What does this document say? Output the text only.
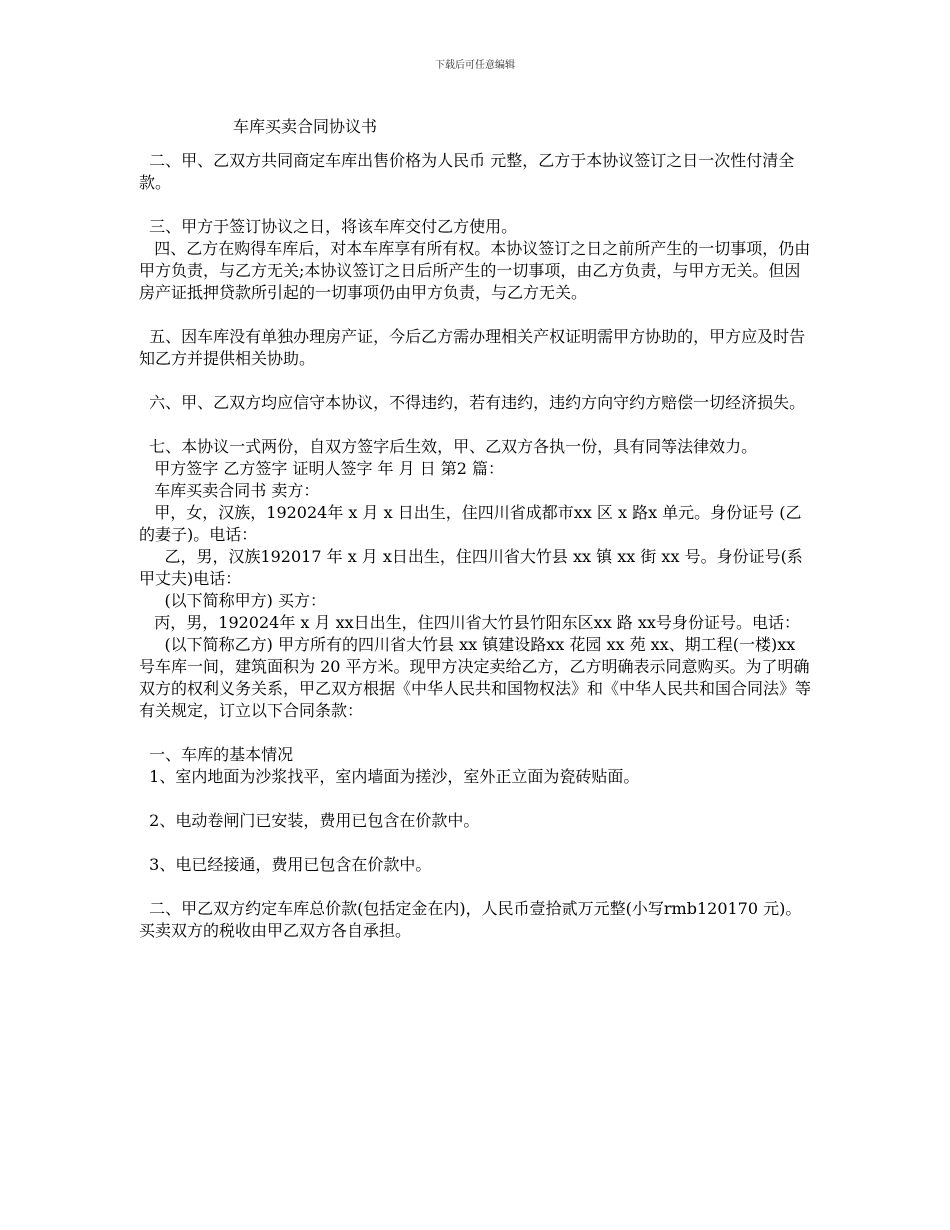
下载后可任意编辑
车库买卖合同协议书

二、甲、乙双方共同商定车库出售价格为人民币 元整，乙方于本协议签订之日一次性付清全款。

三、甲方于签订协议之日，将该车库交付乙方使用。

四、乙方在购得车库后，对本车库享有所有权。本协议签订之日之前所产生的一切事项，仍由甲方负责，与乙方无关;本协议签订之日后所产生的一切事项，由乙方负责，与甲方无关。但因房产证抵押贷款所引起的一切事项仍由甲方负责，与乙方无关。

五、因车库没有单独办理房产证，今后乙方需办理相关产权证明需甲方协助的，甲方应及时告知乙方并提供相关协助。

六、甲、乙双方均应信守本协议，不得违约，若有违约，违约方向守约方赔偿一切经济损失。

七、本协议一式两份，自双方签字后生效，甲、乙双方各执一份，具有同等法律效力。

甲方签字 乙方签字 证明人签字 年 月 日 第2 篇：

车库买卖合同书 卖方：

甲，女，汉族，192024年 x 月 x 日出生，住四川省成都市xx 区 x 路x 单元。身份证号 (乙的妻子)。电话：

乙，男，汉族192017 年 x 月 x日出生，住四川省大竹县 xx 镇 xx 街 xx 号。身份证号(系甲丈夫)电话：

(以下简称甲方) 买方：

丙，男，192024年 x 月 xx日出生，住四川省大竹县竹阳东区xx 路 xx号身份证号。电话：

(以下简称乙方) 甲方所有的四川省大竹县 xx 镇建设路xx 花园 xx 苑 xx、期工程(一楼)xx 号车库一间，建筑面积为 20 平方米。现甲方决定卖给乙方，乙方明确表示同意购买。为了明确双方的权利义务关系，甲乙双方根据《中华人民共和国物权法》和《中华人民共和国合同法》等有关规定，订立以下合同条款：

一、车库的基本情况

1、室内地面为沙浆找平，室内墙面为搓沙，室外正立面为瓷砖贴面。

2、电动卷闸门已安装，费用已包含在价款中。

3、电已经接通，费用已包含在价款中。

二、甲乙双方约定车库总价款(包括定金在内)，人民币壹拾贰万元整(小写rmb120170 元)。买卖双方的税收由甲乙双方各自承担。
